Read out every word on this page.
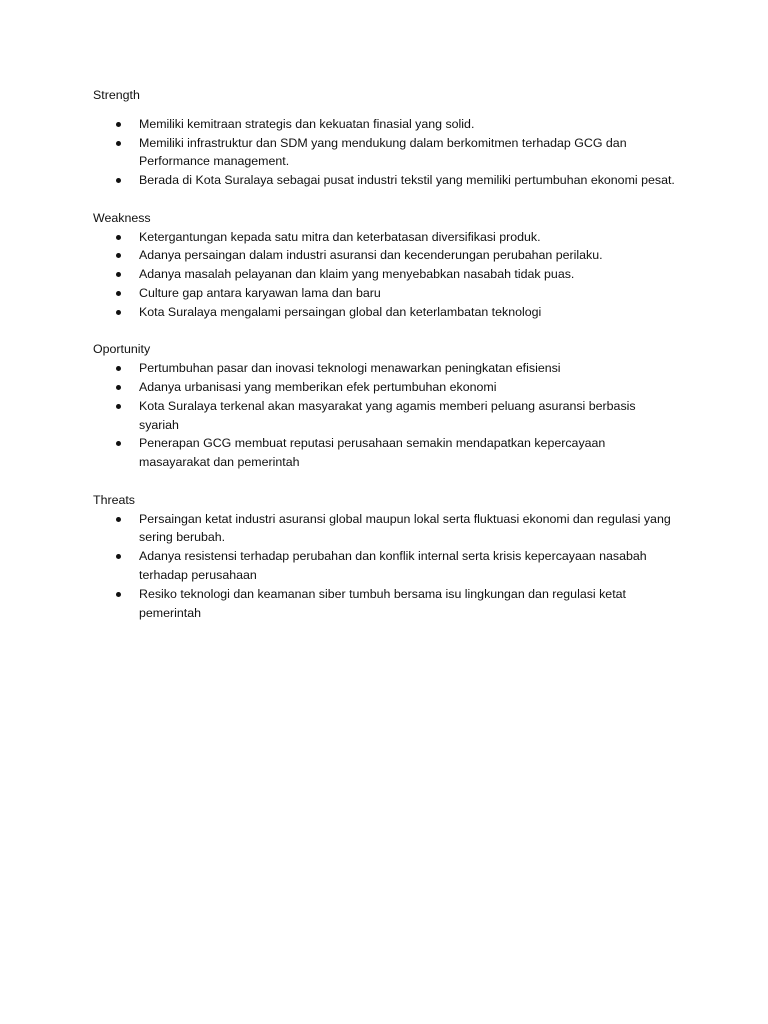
Strength

Memiliki kemitraan strategis dan kekuatan finasial yang solid.
Memiliki infrastruktur dan SDM yang mendukung dalam berkomitmen terhadap GCG dan Performance management.
Berada di Kota Suralaya sebagai pusat industri tekstil yang memiliki pertumbuhan ekonomi pesat.

Weakness

Ketergantungan kepada satu mitra dan keterbatasan diversifikasi produk.
Adanya persaingan dalam industri asuransi dan kecenderungan perubahan perilaku.
Adanya masalah pelayanan dan klaim yang menyebabkan nasabah tidak puas.
Culture gap antara karyawan lama dan baru
Kota Suralaya mengalami persaingan global dan keterlambatan teknologi

Oportunity

Pertumbuhan pasar dan inovasi teknologi menawarkan peningkatan efisiensi
Adanya urbanisasi yang memberikan efek pertumbuhan ekonomi
Kota Suralaya terkenal akan masyarakat yang agamis memberi peluang asuransi berbasis syariah
Penerapan GCG membuat reputasi perusahaan semakin mendapatkan kepercayaan masayarakat dan pemerintah

Threats

Persaingan ketat industri asuransi global maupun lokal serta fluktuasi ekonomi dan regulasi yang sering berubah.
Adanya resistensi terhadap perubahan dan konflik internal serta krisis kepercayaan nasabah terhadap perusahaan
Resiko teknologi dan keamanan siber tumbuh bersama isu lingkungan dan regulasi ketat pemerintah
